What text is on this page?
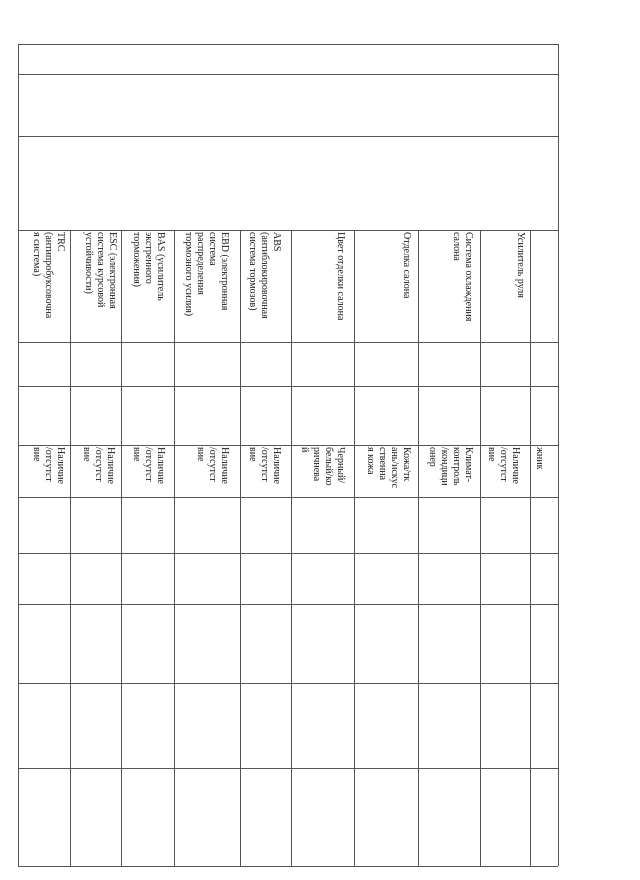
Усилитель руля
жник

Наличие
/отсутст
вие
Система охлаждения
салона
Климат-
контроль
/кондици
онер
Отделка салона
Кожа/тк
ань/искус
ственна
я кожа
Цвет отделки салона
Черный/
белый/ко
ричнева
й
ABS
(антиблокировочная
система тормозов)
Наличие
/отсутст
вие
EBD (электронная
система
распределения
тормозного усилия)
Наличие
/отсутст
вие
BAS (усилитель
экстренного
торможения)
Наличие
/отсутст
вие
ESC (электронная
система курсовой
устойчивости)
Наличие
/отсутст
вие
TRC
(антипробуксовочна
я система)
Наличие
/отсутст
вие
